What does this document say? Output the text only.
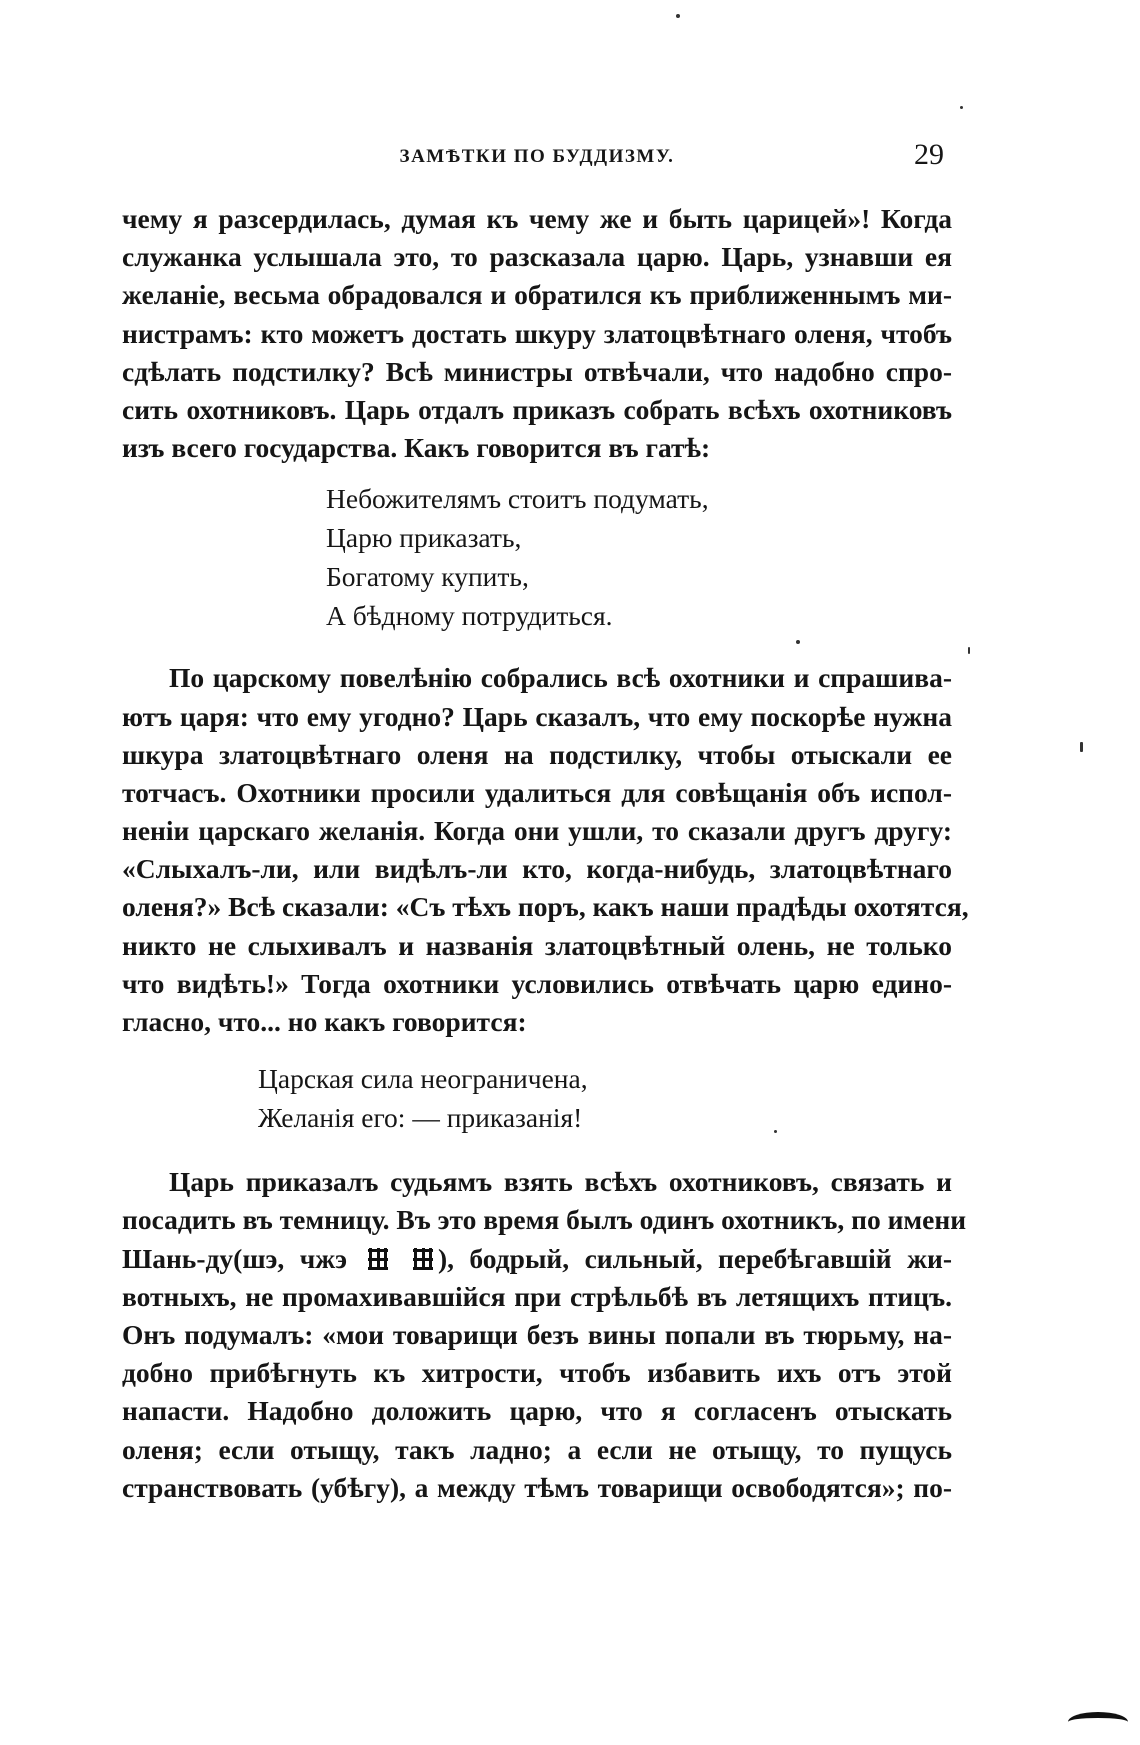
ЗАМѢТКИ ПО БУДДИЗМУ.	29
чему я разсердилась, думая къ чему же и быть царицей»! Когда
служанка услышала это, то разсказала царю. Царь, узнавши ея
желаніе, весьма обрадовался и обратился къ приближеннымъ ми-
нистрамъ: кто можетъ достать шкуру златоцвѣтнаго оленя, чтобъ
сдѣлать подстилку? Всѣ министры отвѣчали, что надобно спро-
сить охотниковъ. Царь отдалъ приказъ собрать всѣхъ охотниковъ
изъ всего государства. Какъ говорится въ гатѣ:
Небожителямъ стоитъ подумать,
Царю приказать,
Богатому купить,
А бѣдному потрудиться.
По царскому повелѣнію собрались всѣ охотники и спрашива-
ютъ царя: что ему угодно? Царь сказалъ, что ему поскорѣе нужна
шкура златоцвѣтнаго оленя на подстилку, чтобы отыскали ее
тотчасъ. Охотники просили удалиться для совѣщанія объ испол-
неніи царскаго желанія. Когда они ушли, то сказали другъ другу:
«Слыхалъ-ли, или видѣлъ-ли кто, когда-нибудь, златоцвѣтнаго
оленя?» Всѣ сказали: «Съ тѣхъ поръ, какъ наши прадѣды охотятся,
никто не слыхивалъ и названія златоцвѣтный олень, не только
что видѣть!» Тогда охотники условились отвѣчать царю едино-
гласно, что... но какъ говорится:
Царская сила неограничена,
Желанія его: — приказанія!
Царь приказалъ судьямъ взять всѣхъ охотниковъ, связать и
посадить въ темницу. Въ это время былъ одинъ охотникъ, по имени
Шань-ду(шэ, чжэ	), бодрый, сильный, перебѣгавшій жи-
вотныхъ, не промахивавшійся при стрѣльбѣ въ летящихъ птицъ.
Онъ подумалъ: «мои товарищи безъ вины попали въ тюрьму, на-
добно прибѣгнуть къ хитрости, чтобъ избавить ихъ отъ этой
напасти. Надобно доложить царю, что я согласенъ отыскать
оленя; если отыщу, такъ ладно; а если не отыщу, то пущусь
странствовать (убѣгу), а между тѣмъ товарищи освободятся»; по-
